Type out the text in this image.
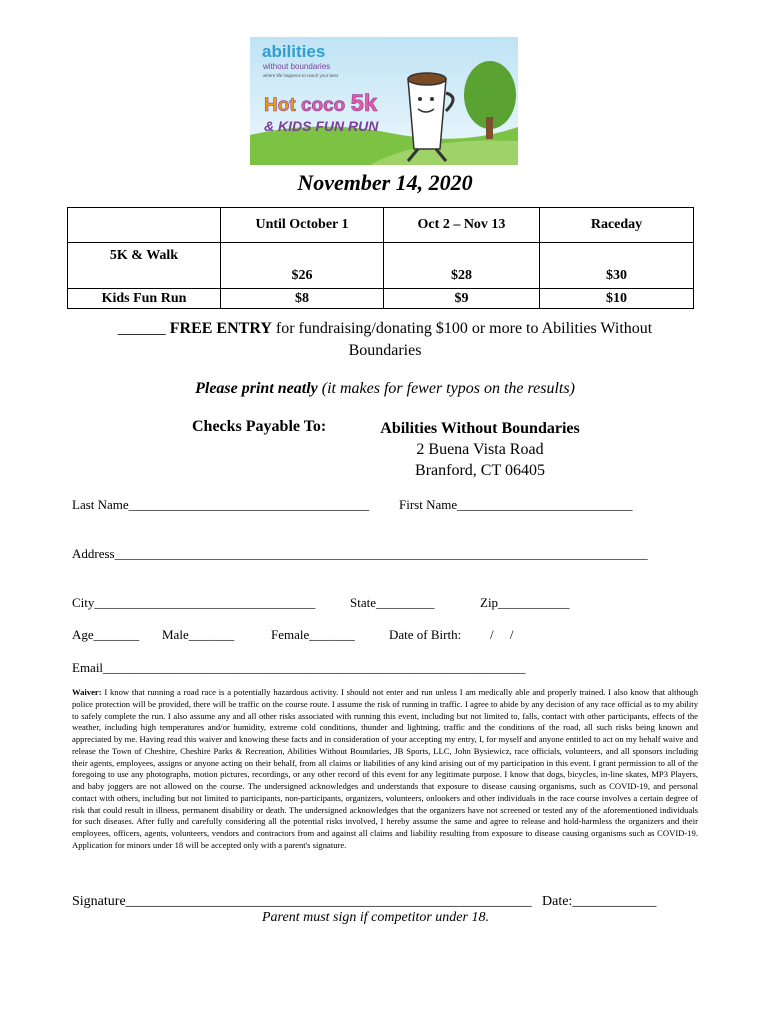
abilities
without boundaries
where life happens to reach your best
Hot coco 5k
& KIDS FUN RUN
November 14, 2020
	Until October 1	Oct 2 – Nov 13	Raceday
5K & Walk	$26	$28	$30
Kids Fun Run	$8	$9	$10
______ FREE ENTRY for fundraising/donating $100 or more to Abilities Without Boundaries
Please print neatly (it makes for fewer typos on the results)
Checks Payable To:	Abilities Without Boundaries
2 Buena Vista Road
Branford, CT 06405
Last Name_____________________________________ First Name___________________________
Address__________________________________________________________________________________
City__________________________________	State_________	Zip___________
Age_______ Male_______	Female_______	Date of Birth: /     /
Email_________________________________________________________________
Waiver: I know that running a road race is a potentially hazardous activity. I should not enter and run unless I am medically able and properly trained. I also know that although police protection will be provided, there will be traffic on the course route. I assume the risk of running in traffic. I agree to abide by any decision of any race official as to my ability to safely complete the run. I also assume any and all other risks associated with running this event, including but not limited to, falls, contact with other participants, effects of the weather, including high temperatures and/or humidity, extreme cold conditions, thunder and lightning, traffic and the conditions of the road, all such risks being known and appreciated by me. Having read this waiver and knowing these facts and in consideration of your accepting my entry, I, for myself and anyone entitled to act on my behalf waive and release the Town of Cheshire, Cheshire Parks & Recreation, Abilities Without Boundaries, JB Sports, LLC, John Bysiewicz, race officials, volunteers, and all sponsors including their agents, employees, assigns or anyone acting on their behalf, from all claims or liabilities of any kind arising out of my participation in this event. I grant permission to all of the foregoing to use any photographs, motion pictures, recordings, or any other record of this event for any legitimate purpose. I know that dogs, bicycles, in-line skates, MP3 Players, and baby joggers are not allowed on the course. The undersigned acknowledges and understands that exposure to disease causing organisms, such as COVID-19, and personal contact with others, including but not limited to participants, non-participants, organizers, volunteers, onlookers and other individuals in the race course involves a certain degree of risk that could result in illness, permanent disability or death. The undersigned acknowledges that the organizers have not screened or tested any of the aforementioned individuals for such diseases. After fully and carefully considering all the potential risks involved, I hereby assume the same and agree to release and hold-harmless the organizers and their employees, officers, agents, volunteers, vendors and contractors from and against all claims and liability resulting from exposure to disease causing organisms such as COVID-19. Application for minors under 18 will be accepted only with a parent's signature.
Signature__________________________________________________________ Date:____________
Parent must sign if competitor under 18.
